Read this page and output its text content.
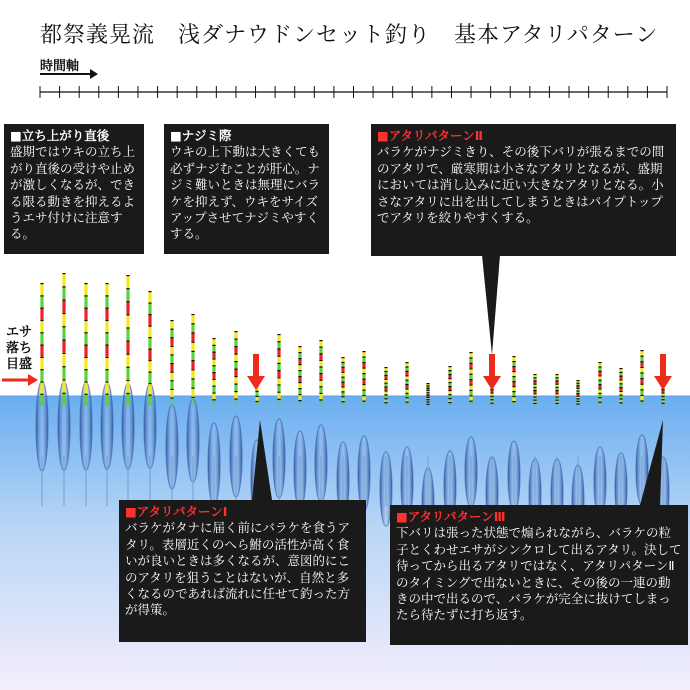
都祭義晃流　浅ダナウドンセット釣り　基本アタリパターン
時間軸
エサ
落ち
目盛
■立ち上がり直後

盛期ではウキの立ち上がり直後の受けや止めが激しくなるが、できる限る動きを抑えるようエサ付けに注意する。

■ナジミ際

ウキの上下動は大きくても必ずナジむことが肝心。ナジミ難いときは無理にバラケを抑えず、ウキをサイズアップさせてナジミやすくする。

■アタリパターンⅡ

バラケがナジミきり、その後下バリが張るまでの間のアタリで、厳寒期は小さなアタリとなるが、盛期においては消し込みに近い大きなアタリとなる。小さなアタリに出を出してしまうときはパイプトップでアタリを絞りやすくする。

■アタリパターンⅠ

バラケがタナに届く前にバラケを食うアタリ。表層近くのへら鮒の活性が高く食いが良いときは多くなるが、意図的にこのアタリを狙うことはないが、自然と多くなるのであれば流れに任せて釣った方が得策。

■アタリパターンⅢ

下バリは張った状態で煽られながら、バラケの粒子とくわせエサがシンクロして出るアタリ。決して待ってから出るアタリではなく、アタリパターンⅡのタイミングで出ないときに、その後の一連の動きの中で出るので、バラケが完全に抜けてしまったら待たずに打ち返す。
